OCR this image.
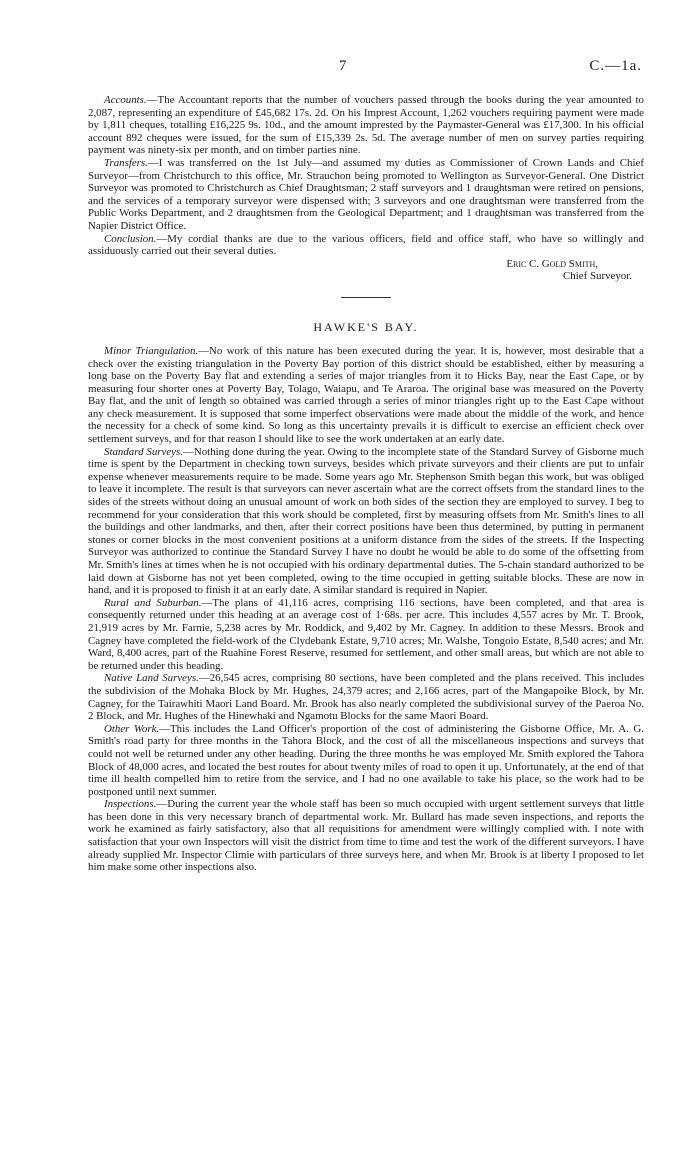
7	C.—1a.

Accounts.—The Accountant reports that the number of vouchers passed through the books during the year amounted to 2,087, representing an expenditure of £45,682 17s. 2d. On his Imprest Account, 1,262 vouchers requiring payment were made by 1,811 cheques, totalling £16,225 9s. 10d., and the amount imprested by the Paymaster-General was £17,300. In his official account 892 cheques were issued, for the sum of £15,339 2s. 5d. The average number of men on survey parties requiring payment was ninety-six per month, and on timber parties nine.

Transfers.—I was transferred on the 1st July—and assumed my duties as Commissioner of Crown Lands and Chief Surveyor—from Christchurch to this office, Mr. Strauchon being promoted to Wellington as Surveyor-General. One District Surveyor was promoted to Christchurch as Chief Draughtsman; 2 staff surveyors and 1 draughtsman were retired on pensions, and the services of a temporary surveyor were dispensed with; 3 surveyors and one draughtsman were transferred from the Public Works Department, and 2 draughtsmen from the Geological Department; and 1 draughtsman was transferred from the Napier District Office.

Conclusion.—My cordial thanks are due to the various officers, field and office staff, who have so willingly and assiduously carried out their several duties.

Eric C. Gold Smith,
Chief Surveyor.
HAWKE'S BAY.

Minor Triangulation.—No work of this nature has been executed during the year. It is, however, most desirable that a check over the existing triangulation in the Poverty Bay portion of this district should be established, either by measuring a long base on the Poverty Bay flat and extending a series of major triangles from it to Hicks Bay, near the East Cape, or by measuring four shorter ones at Poverty Bay, Tolago, Waiapu, and Te Araroa. The original base was measured on the Poverty Bay flat, and the unit of length so obtained was carried through a series of minor triangles right up to the East Cape without any check measurement. It is supposed that some imperfect observations were made about the middle of the work, and hence the necessity for a check of some kind. So long as this uncertainty prevails it is difficult to exercise an efficient check over settlement surveys, and for that reason I should like to see the work undertaken at an early date.

Standard Surveys.—Nothing done during the year. Owing to the incomplete state of the Standard Survey of Gisborne much time is spent by the Department in checking town surveys, besides which private surveyors and their clients are put to unfair expense whenever measurements require to be made. Some years ago Mr. Stephenson Smith began this work, but was obliged to leave it incomplete. The result is that surveyors can never ascertain what are the correct offsets from the standard lines to the sides of the streets without doing an unusual amount of work on both sides of the section they are employed to survey. I beg to recommend for your consideration that this work should be completed, first by measuring offsets from Mr. Smith's lines to all the buildings and other landmarks, and then, after their correct positions have been thus determined, by putting in permanent stones or corner blocks in the most convenient positions at a uniform distance from the sides of the streets. If the Inspecting Surveyor was authorized to continue the Standard Survey I have no doubt he would be able to do some of the offsetting from Mr. Smith's lines at times when he is not occupied with his ordinary departmental duties. The 5-chain standard authorized to be laid down at Gisborne has not yet been completed, owing to the time occupied in getting suitable blocks. These are now in hand, and it is proposed to finish it at an early date. A similar standard is required in Napier.

Rural and Suburban.—The plans of 41,116 acres, comprising 116 sections, have been completed, and that area is consequently returned under this heading at an average cost of 1·68s. per acre. This includes 4,557 acres by Mr. T. Brook, 21,919 acres by Mr. Farnie, 5,238 acres by Mr. Roddick, and 9,402 by Mr. Cagney. In addition to these Messrs. Brook and Cagney have completed the field-work of the Clydebank Estate, 9,710 acres; Mr. Walshe, Tongoio Estate, 8,540 acres; and Mr. Ward, 8,400 acres, part of the Ruahine Forest Reserve, resumed for settlement, and other small areas, but which are not able to be returned under this heading.

Native Land Surveys.—26,545 acres, comprising 80 sections, have been completed and the plans received. This includes the subdivision of the Mohaka Block by Mr. Hughes, 24,379 acres; and 2,166 acres, part of the Mangapoike Block, by Mr. Cagney, for the Tairawhiti Maori Land Board. Mr. Brook has also nearly completed the subdivisional survey of the Paeroa No. 2 Block, and Mr. Hughes of the Hinewhaki and Ngamotu Blocks for the same Maori Board.

Other Work.—This includes the Land Officer's proportion of the cost of administering the Gisborne Office, Mr. A. G. Smith's road party for three months in the Tahora Block, and the cost of all the miscellaneous inspections and surveys that could not well be returned under any other heading. During the three months he was employed Mr. Smith explored the Tahora Block of 48,000 acres, and located the best routes for about twenty miles of road to open it up. Unfortunately, at the end of that time ill health compelled him to retire from the service, and I had no one available to take his place, so the work had to be postponed until next summer.

Inspections.—During the current year the whole staff has been so much occupied with urgent settlement surveys that little has been done in this very necessary branch of departmental work. Mr. Bullard has made seven inspections, and reports the work he examined as fairly satisfactory, also that all requisitions for amendment were willingly complied with. I note with satisfaction that your own Inspectors will visit the district from time to time and test the work of the different surveyors. I have already supplied Mr. Inspector Climie with particulars of three surveys here, and when Mr. Brook is at liberty I proposed to let him make some other inspections also.
